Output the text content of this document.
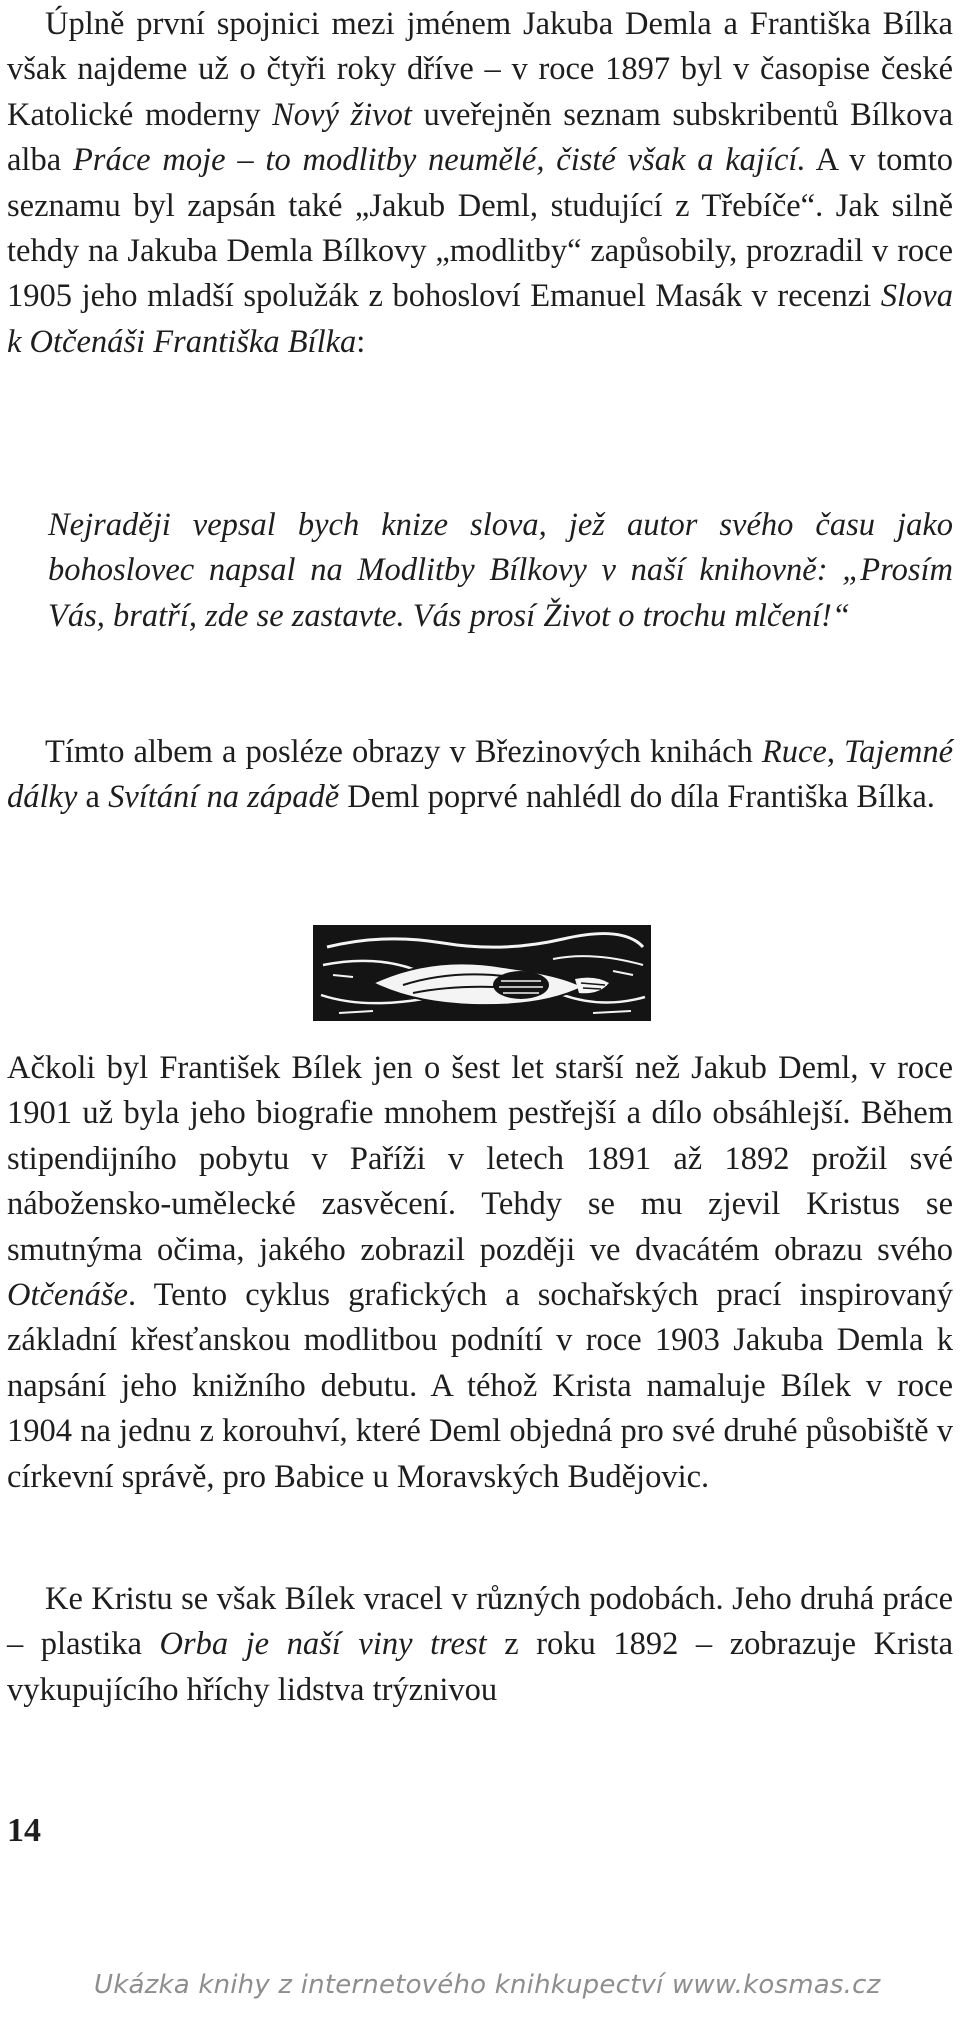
Úplně první spojnici mezi jménem Jakuba Demla a Františka Bílka však najdeme už o čtyři roky dříve – v roce 1897 byl v časopise české Katolické moderny Nový život uveřejněn seznam subskribentů Bílkova alba Práce moje – to modlitby neumělé, čisté však a kající. A v tomto seznamu byl zapsán také „Jakub Deml, studující z Třebíče“. Jak silně tehdy na Jakuba Demla Bílkovy „modlitby“ zapůsobily, prozradil v roce 1905 jeho mladší spolužák z bohosloví Emanuel Masák v recenzi Slova k Otčenáši Františka Bílka:

Nejraději vepsal bych knize slova, jež autor svého času jako bohoslovec napsal na Modlitby Bílkovy v naší knihovně: „Prosím Vás, bratří, zde se zastavte. Vás prosí Život o trochu mlčení!“

Tímto albem a posléze obrazy v Březinových knihách Ruce, Tajemné dálky a Svítání na západě Deml poprvé nahlédl do díla Františka Bílka.

Ačkoli byl František Bílek jen o šest let starší než Jakub Deml, v roce 1901 už byla jeho biografie mnohem pestřejší a dílo obsáhlejší. Během stipendijního pobytu v Paříži v letech 1891 až 1892 prožil své nábožensko-umělecké zasvěcení. Tehdy se mu zjevil Kristus se smutnýma očima, jakého zobrazil později ve dvacátém obrazu svého Otčenáše. Tento cyklus grafických a sochařských prací inspirovaný základní křesťanskou modlitbou podnítí v roce 1903 Jakuba Demla k napsání jeho knižního debutu. A téhož Krista namaluje Bílek v roce 1904 na jednu z korouhví, které Deml objedná pro své druhé působiště v církevní správě, pro Babice u Moravských Budějovic.

Ke Kristu se však Bílek vracel v různých podobách. Jeho druhá práce – plastika Orba je naší viny trest z roku 1892 – zobrazuje Krista vykupujícího hříchy lidstva trýznivou

14
Ukázka knihy z internetového knihkupectví www.kosmas.cz
